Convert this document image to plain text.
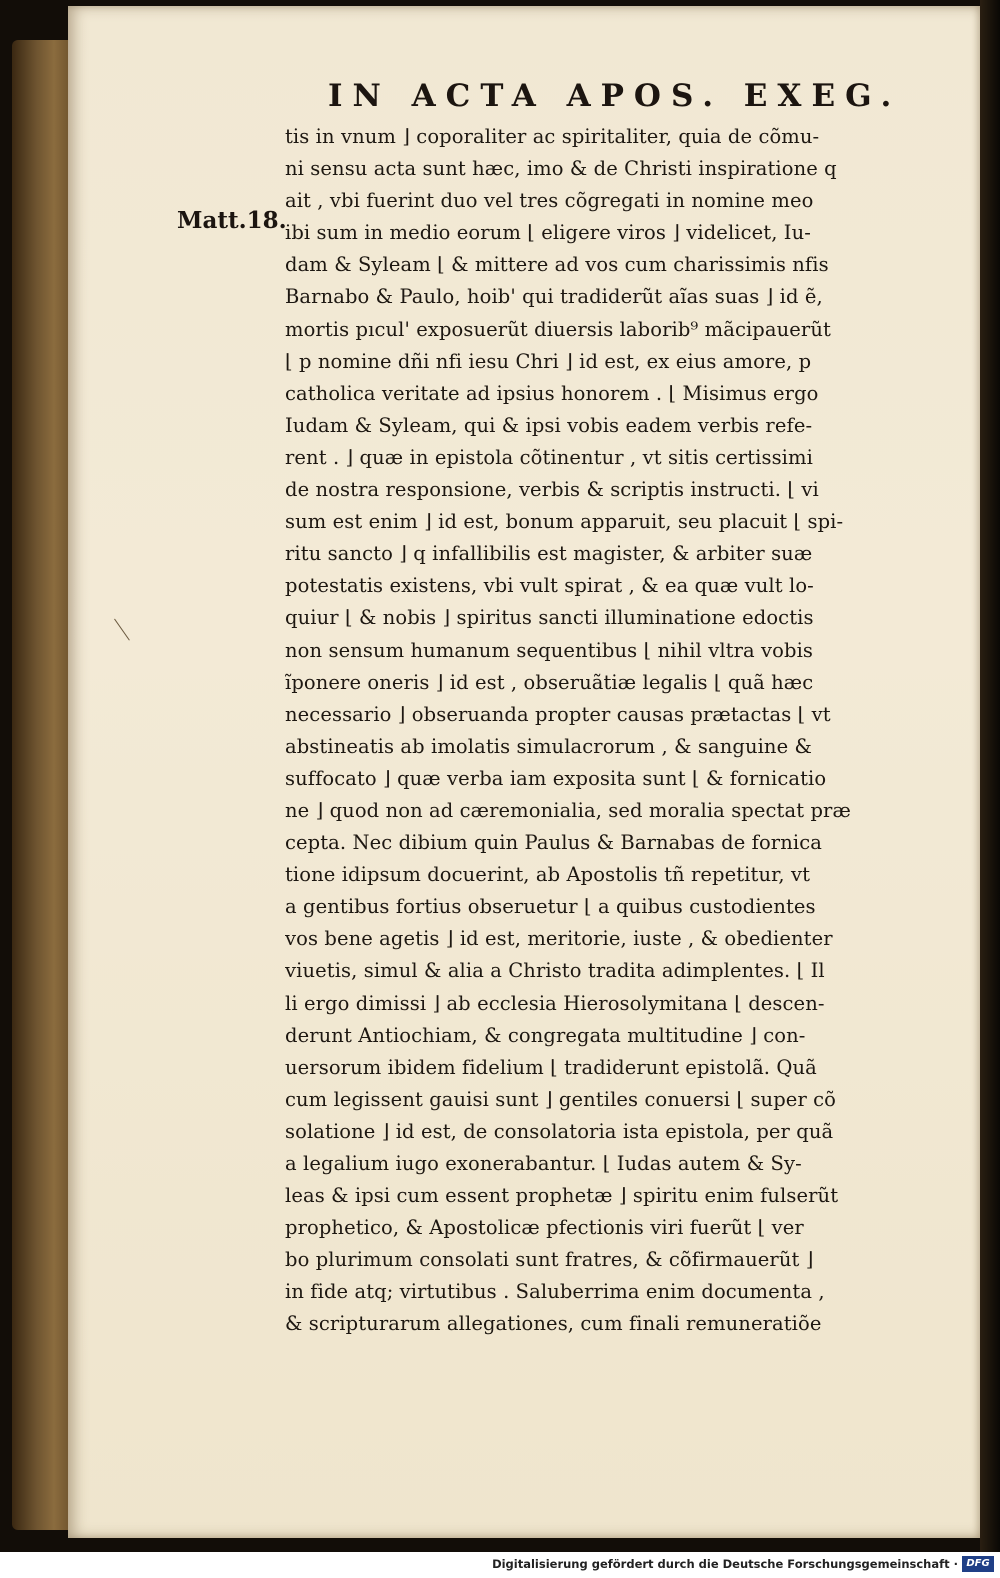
IN ACTA APOS. EXEG.
Matt.18.
tis in vnum ⌋ coporaliter ac spiritaliter, quia de cõmu-
ni sensu acta sunt hæc, imo & de Christi inspiratione q
ait , vbi fuerint duo vel tres cõgregati in nomine meo
ibi sum in medio eorum ⌊ eligere viros ⌋ videlicet, Iu-
dam & Syleam ⌊ & mittere ad vos cum charissimis nfis
Barnabo & Paulo, hoib' qui tradiderũt aĩas suas ⌋ id ẽ,
mortis pıcul' exposuerũt diuersis laborib⁹ mãcipauerũt
⌊ p nomine dñi nfi iesu Chri ⌋ id est, ex eius amore, p
catholica veritate ad ipsius honorem . ⌊ Misimus ergo
Iudam & Syleam, qui & ipsi vobis eadem verbis refe-
rent . ⌋ quæ in epistola cõtinentur , vt sitis certissimi
de nostra responsione, verbis & scriptis instructi. ⌊ vi
sum est enim ⌋ id est, bonum apparuit, seu placuit ⌊ spi-
ritu sancto ⌋ q infallibilis est magister, & arbiter suæ
potestatis existens, vbi vult spirat , & ea quæ vult lo-
quiur ⌊ & nobis ⌋ spiritus sancti illuminatione edoctis
non sensum humanum sequentibus ⌊ nihil vltra vobis
ĩponere oneris ⌋ id est , obseruãtiæ legalis ⌊ quã hæc
necessario ⌋ obseruanda propter causas prætactas ⌊ vt
abstineatis ab imolatis simulacrorum , & sanguine &
suffocato ⌋ quæ verba iam exposita sunt ⌊ & fornicatio
ne ⌋ quod non ad cæremonialia, sed moralia spectat præ
cepta. Nec dibium quin Paulus & Barnabas de fornica
tione idipsum docuerint, ab Apostolis tñ repetitur, vt
a gentibus fortius obseruetur ⌊ a quibus custodientes
vos bene agetis ⌋ id est, meritorie, iuste , & obedienter
viuetis, simul & alia a Christo tradita adimplentes. ⌊ Il
li ergo dimissi ⌋ ab ecclesia Hierosolymitana ⌊ descen-
derunt Antiochiam, & congregata multitudine ⌋ con-
uersorum ibidem fidelium ⌊ tradiderunt epistolã. Quã
cum legissent gauisi sunt ⌋ gentiles conuersi ⌊ super cõ
solatione ⌋ id est, de consolatoria ista epistola, per quã
a legalium iugo exonerabantur. ⌊ Iudas autem & Sy-
leas & ipsi cum essent prophetæ ⌋ spiritu enim fulserũt
prophetico, & Apostolicæ pfectionis viri fuerũt ⌊ ver
bo plurimum consolati sunt fratres, & cõfirmauerũt ⌋
in fide atq; virtutibus . Saluberrima enim documenta ,
& scripturarum allegationes, cum finali remuneratiõe
Digitalisierung gefördert durch die Deutsche Forschungsgemeinschaft · DFG
